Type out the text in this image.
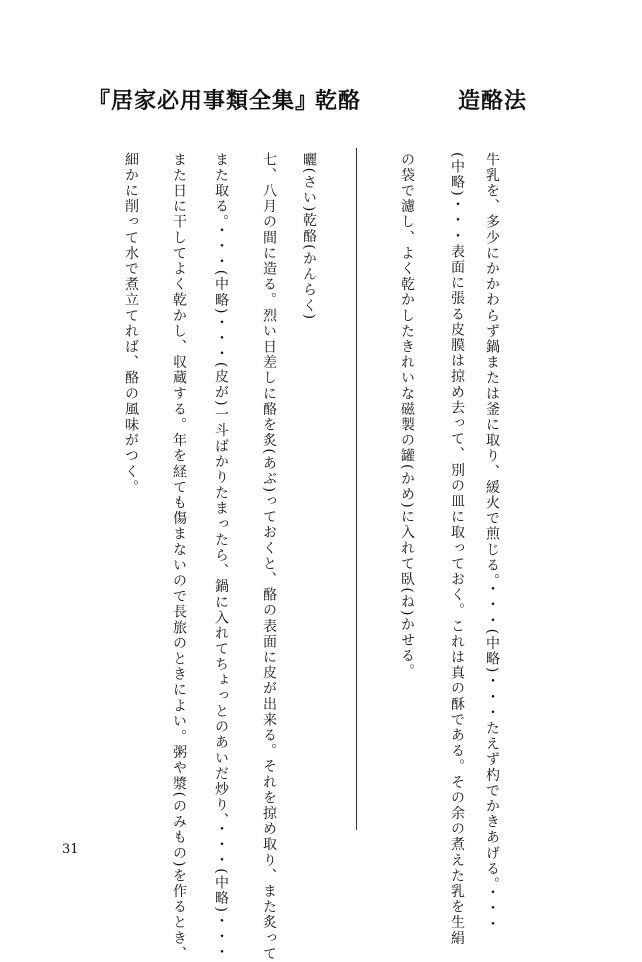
『居家必用事類全集』
乾酪	造酪法
牛乳を、多少にかかわらず鍋または釜に取り、緩火で煎じる。・・・(中略)・・・たえず杓でかきあげる。・・・
(中略)・・・表面に張る皮膜は掠め去って、別の皿に取っておく。これは真の酥である。その余の煮えた乳を生絹
の袋で濾し、よく乾かしたきれいな磁製の罐(かめ)に入れて臥(ね)かせる。
曬(さい)乾酪(かんらく)
七、八月の間に造る。烈い日差しに酪を炙(あぶ)っておくと、酪の表面に皮が出来る。それを掠め取り、また炙って
また取る。・・・(中略)・・・(皮が)一斗ばかりたまったら、鍋に入れてちょっとのあいだ炒り、・・・(中略)・・・
また日に干してよく乾かし、収蔵する。年を経ても傷まないので長旅のときによい。粥や漿(のみもの)を作るとき、
細かに削って水で煮立てれば、酪の風味がつく。
31
